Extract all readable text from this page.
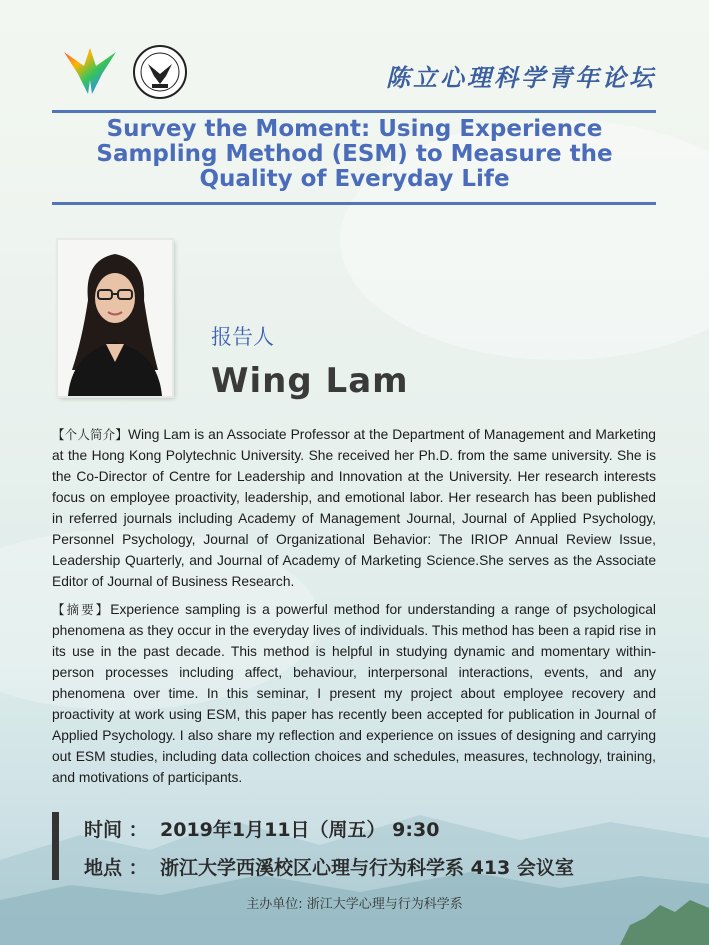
陈立心理科学青年论坛
Survey the Moment: Using Experience
Sampling Method (ESM) to Measure the
Quality of Everyday Life
报告人
Wing Lam
【个人简介】Wing Lam is an Associate Professor at the Department of Management and Marketing at the Hong Kong Polytechnic University. She received her Ph.D. from the same university. She is the Co-Director of Centre for Leadership and Innovation at the University. Her research interests focus on employee proactivity, leadership, and emotional labor. Her research has been published in referred journals including Academy of Management Journal, Journal of Applied Psychology, Personnel Psychology, Journal of Organizational Behavior: The IRIOP Annual Review Issue, Leadership Quarterly, and Journal of Academy of Marketing Science.She serves as the Associate Editor of Journal of Business Research.
【摘要】Experience sampling is a powerful method for understanding a range of psychological phenomena as they occur in the everyday lives of individuals. This method has been a rapid rise in its use in the past decade. This method is helpful in studying dynamic and momentary within-person processes including affect, behaviour, interpersonal interactions, events, and any phenomena over time. In this seminar, I present my project about employee recovery and proactivity at work using ESM, this paper has recently been accepted for publication in Journal of Applied Psychology. I also share my reflection and experience on issues of designing and carrying out ESM studies, including data collection choices and schedules, measures, technology, training, and motivations of participants.
时间 ： 2019年1月11日（周五） 9:30
地点 ： 浙江大学西溪校区心理与行为科学系 413 会议室
主办单位: 浙江大学心理与行为科学系
